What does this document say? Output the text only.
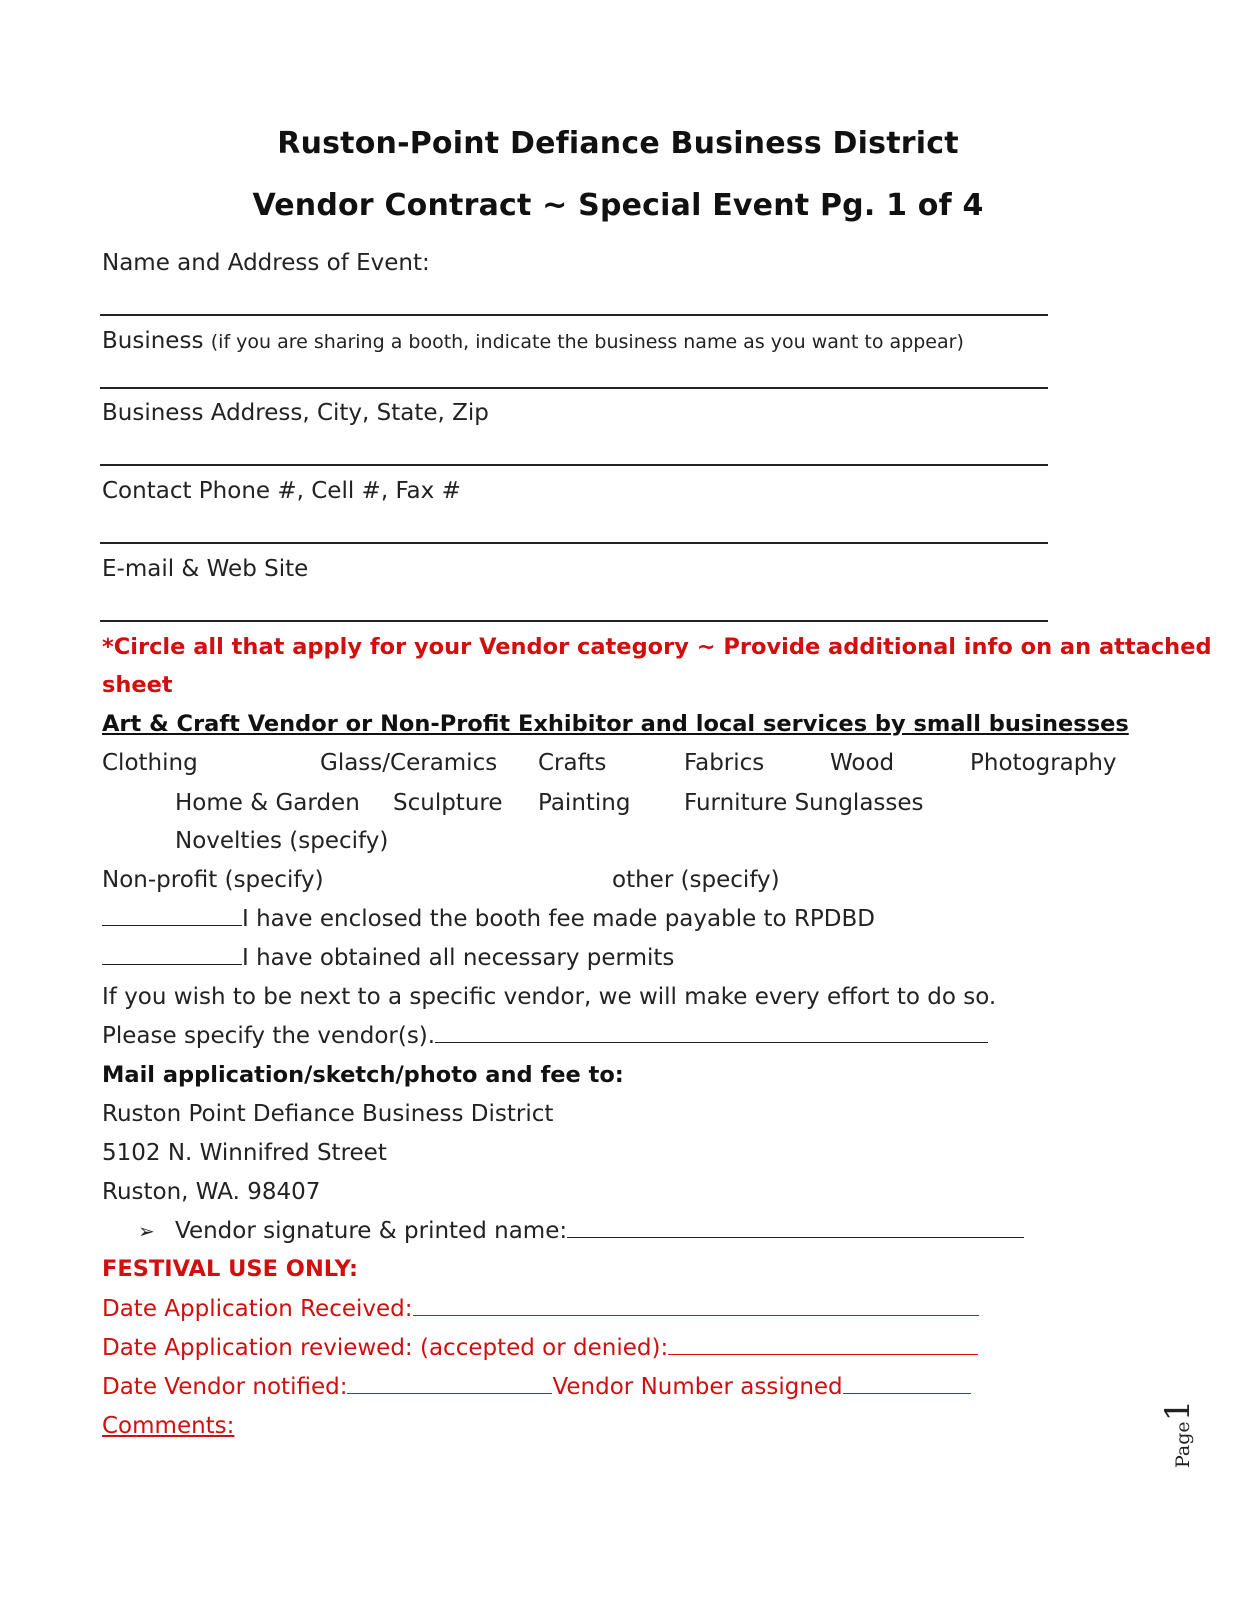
Ruston-Point Defiance Business District
Vendor Contract ~ Special Event Pg. 1 of 4
Name and Address of Event:
Business (if you are sharing a booth, indicate the business name as you want to appear)
Business Address, City, State, Zip
Contact Phone #, Cell #, Fax #
E-mail & Web Site
*Circle all that apply for your Vendor category ~ Provide additional info on an attached
sheet
Art & Craft Vendor or Non-Profit Exhibitor and local services by small businesses
Clothing	Glass/Ceramics Crafts	Fabrics	Wood	Photography
Home & Garden Sculpture Painting Furniture Sunglasses
Novelties (specify)
Non-profit (specify)	other (specify)
I have enclosed the booth fee made payable to RPDBD
I have obtained all necessary permits
If you wish to be next to a specific vendor, we will make every effort to do so.
Please specify the vendor(s).
Mail application/sketch/photo and fee to:
Ruston Point Defiance Business District
5102 N. Winnifred Street
Ruston, WA. 98407
➢ Vendor signature & printed name:
FESTIVAL USE ONLY:
Date Application Received:
Date Application reviewed: (accepted or denied):
Date Vendor notified:	Vendor Number assigned
Comments:	Page1
